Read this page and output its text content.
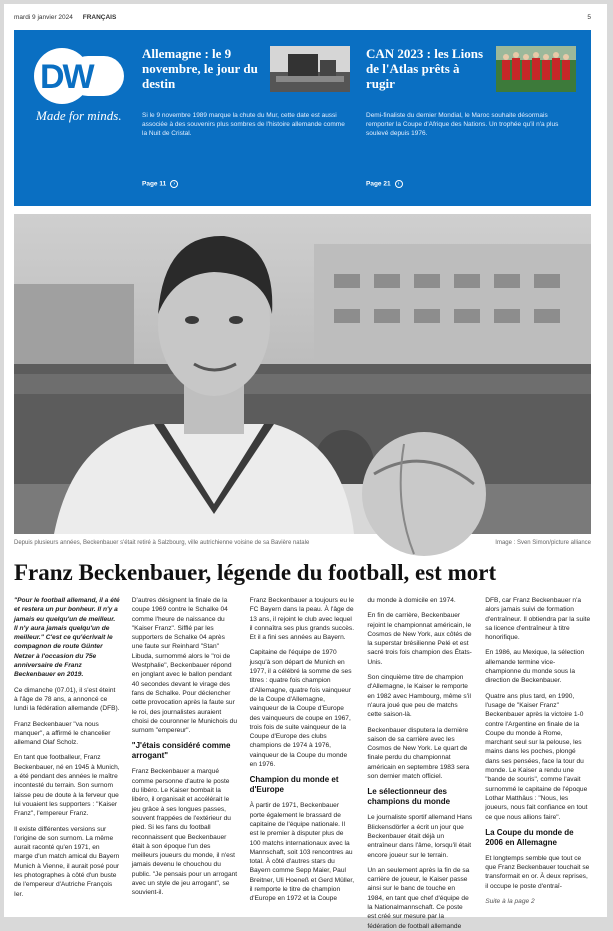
mardi 9 janvier 2024 FRANÇAIS	5
DW
Made for minds.
Allemagne : le 9 novembre, le jour du destin

Si le 9 novembre 1989 marque la chute du Mur, cette date est aussi associée à des souvenirs plus sombres de l'histoire allemande comme la Nuit de Cristal.

Page 11 ›
CAN 2023 : les Lions de l'Atlas prêts à rugir

Demi-finaliste du dernier Mondial, le Maroc souhaite désormais remporter la Coupe d'Afrique des Nations. Un trophée qu'il n'a plus soulevé depuis 1976.

Page 21 ›
Depuis plusieurs années, Beckenbauer s'était retiré à Salzbourg, ville autrichienne voisine de sa Bavière natale	Image : Sven Simon/picture alliance
Franz Beckenbauer, légende du football, est mort

"Pour le football allemand, il a été et restera un pur bonheur. Il n'y a jamais eu quelqu'un de meilleur. Il n'y aura jamais quelqu'un de meilleur." C'est ce qu'écrivait le compagnon de route Günter Netzer à l'occasion du 75e anniversaire de Franz Beckenbauer en 2019.

Ce dimanche (07.01), il s'est éteint à l'âge de 78 ans, a annoncé ce lundi la fédération allemande (DFB).

Franz Beckenbauer "va nous manquer", a affirmé le chancelier allemand Olaf Scholz.

En tant que footballeur, Franz Beckenbauer, né en 1945 à Munich, a été pendant des années le maître incontesté du terrain. Son surnom laisse peu de doute à la ferveur que lui vouaient les supporters : "Kaiser Franz", l'empereur Franz.

Il existe différentes versions sur l'origine de son surnom. La même aurait raconté qu'en 1971, en marge d'un match amical du Bayern Munich à Vienne, il aurait posé pour les photographes à côté d'un buste de l'empereur d'Autriche François Ier.

D'autres désignent la finale de la coupe 1969 contre le Schalke 04 comme l'heure de naissance du "Kaiser Franz". Sifflé par les supporters de Schalke 04 après une faute sur Reinhard "Stan" Libuda, surnommé alors le "roi de Westphalie", Beckenbauer répond en jonglant avec le ballon pendant 40 secondes devant le virage des fans de Schalke. Pour déclencher cette provocation après la faute sur le roi, des journalistes auraient choisi de couronner le Munichois du surnom "empereur".

"J'étais considéré comme arrogant"

Franz Beckenbauer a marqué comme personne d'autre le poste du libéro. Le Kaiser bombait la libéro, il organisait et accélérait le jeu grâce à ses longues passes, souvent frappées de l'extérieur du pied. Si les fans du football reconnaissent que Beckenbauer était à son époque l'un des meilleurs joueurs du monde, il n'est jamais devenu le chouchou du public. "Je pensais pour un arrogant avec un style de jeu arrogant", se souvient-il.

Franz Beckenbauer a toujours eu le FC Bayern dans la peau. À l'âge de 13 ans, il rejoint le club avec lequel il connaîtra ses plus grands succès. Et il a fini ses années au Bayern.

Capitaine de l'équipe de 1970 jusqu'à son départ de Munich en 1977, il a célébré la somme de ses titres : quatre fois champion d'Allemagne, quatre fois vainqueur de la Coupe d'Allemagne, vainqueur de la Coupe d'Europe des vainqueurs de coupe en 1967, trois fois de suite vainqueur de la Coupe d'Europe des clubs champions de 1974 à 1976, vainqueur de la Coupe du monde en 1976.

Champion du monde et d'Europe

À partir de 1971, Beckenbauer porte également le brassard de capitaine de l'équipe nationale. Il est le premier à disputer plus de 100 matchs internationaux avec la Mannschaft, soit 103 rencontres au total. À côté d'autres stars du Bayern comme Sepp Maier, Paul Breitner, Uli Hoeneß et Gerd Müller, il remporte le titre de champion d'Europe en 1972 et la Coupe

du monde à domicile en 1974.

En fin de carrière, Beckenbauer rejoint le championnat américain, le Cosmos de New York, aux côtés de la superstar brésilienne Pelé et est sacré trois fois champion des États-Unis.

Son cinquième titre de champion d'Allemagne, le Kaiser le remporte en 1982 avec Hambourg, même s'il n'aura joué que peu de matchs cette saison-là.

Beckenbauer disputera la dernière saison de sa carrière avec les Cosmos de New York. Le quart de finale perdu du championnat américain en septembre 1983 sera son dernier match officiel.

Le sélectionneur des champions du monde

Le journaliste sportif allemand Hans Blickensdörfer a écrit un jour que Beckenbauer était déjà un entraîneur dans l'âme, lorsqu'il était encore joueur sur le terrain.

Un an seulement après la fin de sa carrière de joueur, le Kaiser passe ainsi sur le banc de touche en 1984, en tant que chef d'équipe de la Nationalmannschaft. Ce poste est créé sur mesure par la fédération de football allemande

DFB, car Franz Beckenbauer n'a alors jamais suivi de formation d'entraîneur. Il obtiendra par la suite sa licence d'entraîneur à titre honorifique.

En 1986, au Mexique, la sélection allemande termine vice-championne du monde sous la direction de Beckenbauer.

Quatre ans plus tard, en 1990, l'usage de "Kaiser Franz" Beckenbauer après la victoire 1-0 contre l'Argentine en finale de la Coupe du monde à Rome, marchant seul sur la pelouse, les mains dans les poches, plongé dans ses pensées, face la tour du monde. Le Kaiser a rendu une "bande de souris", comme l'avait surnommé le capitaine de l'époque Lothar Matthäus : "Nous, les joueurs, nous fait confiance en tout ce que nous allions faire".

La Coupe du monde de 2006 en Allemagne

Et longtemps semble que tout ce que Franz Beckenbauer touchait se transformait en or. À deux reprises, il occupe le poste d'entraî-

Suite à la page 2
